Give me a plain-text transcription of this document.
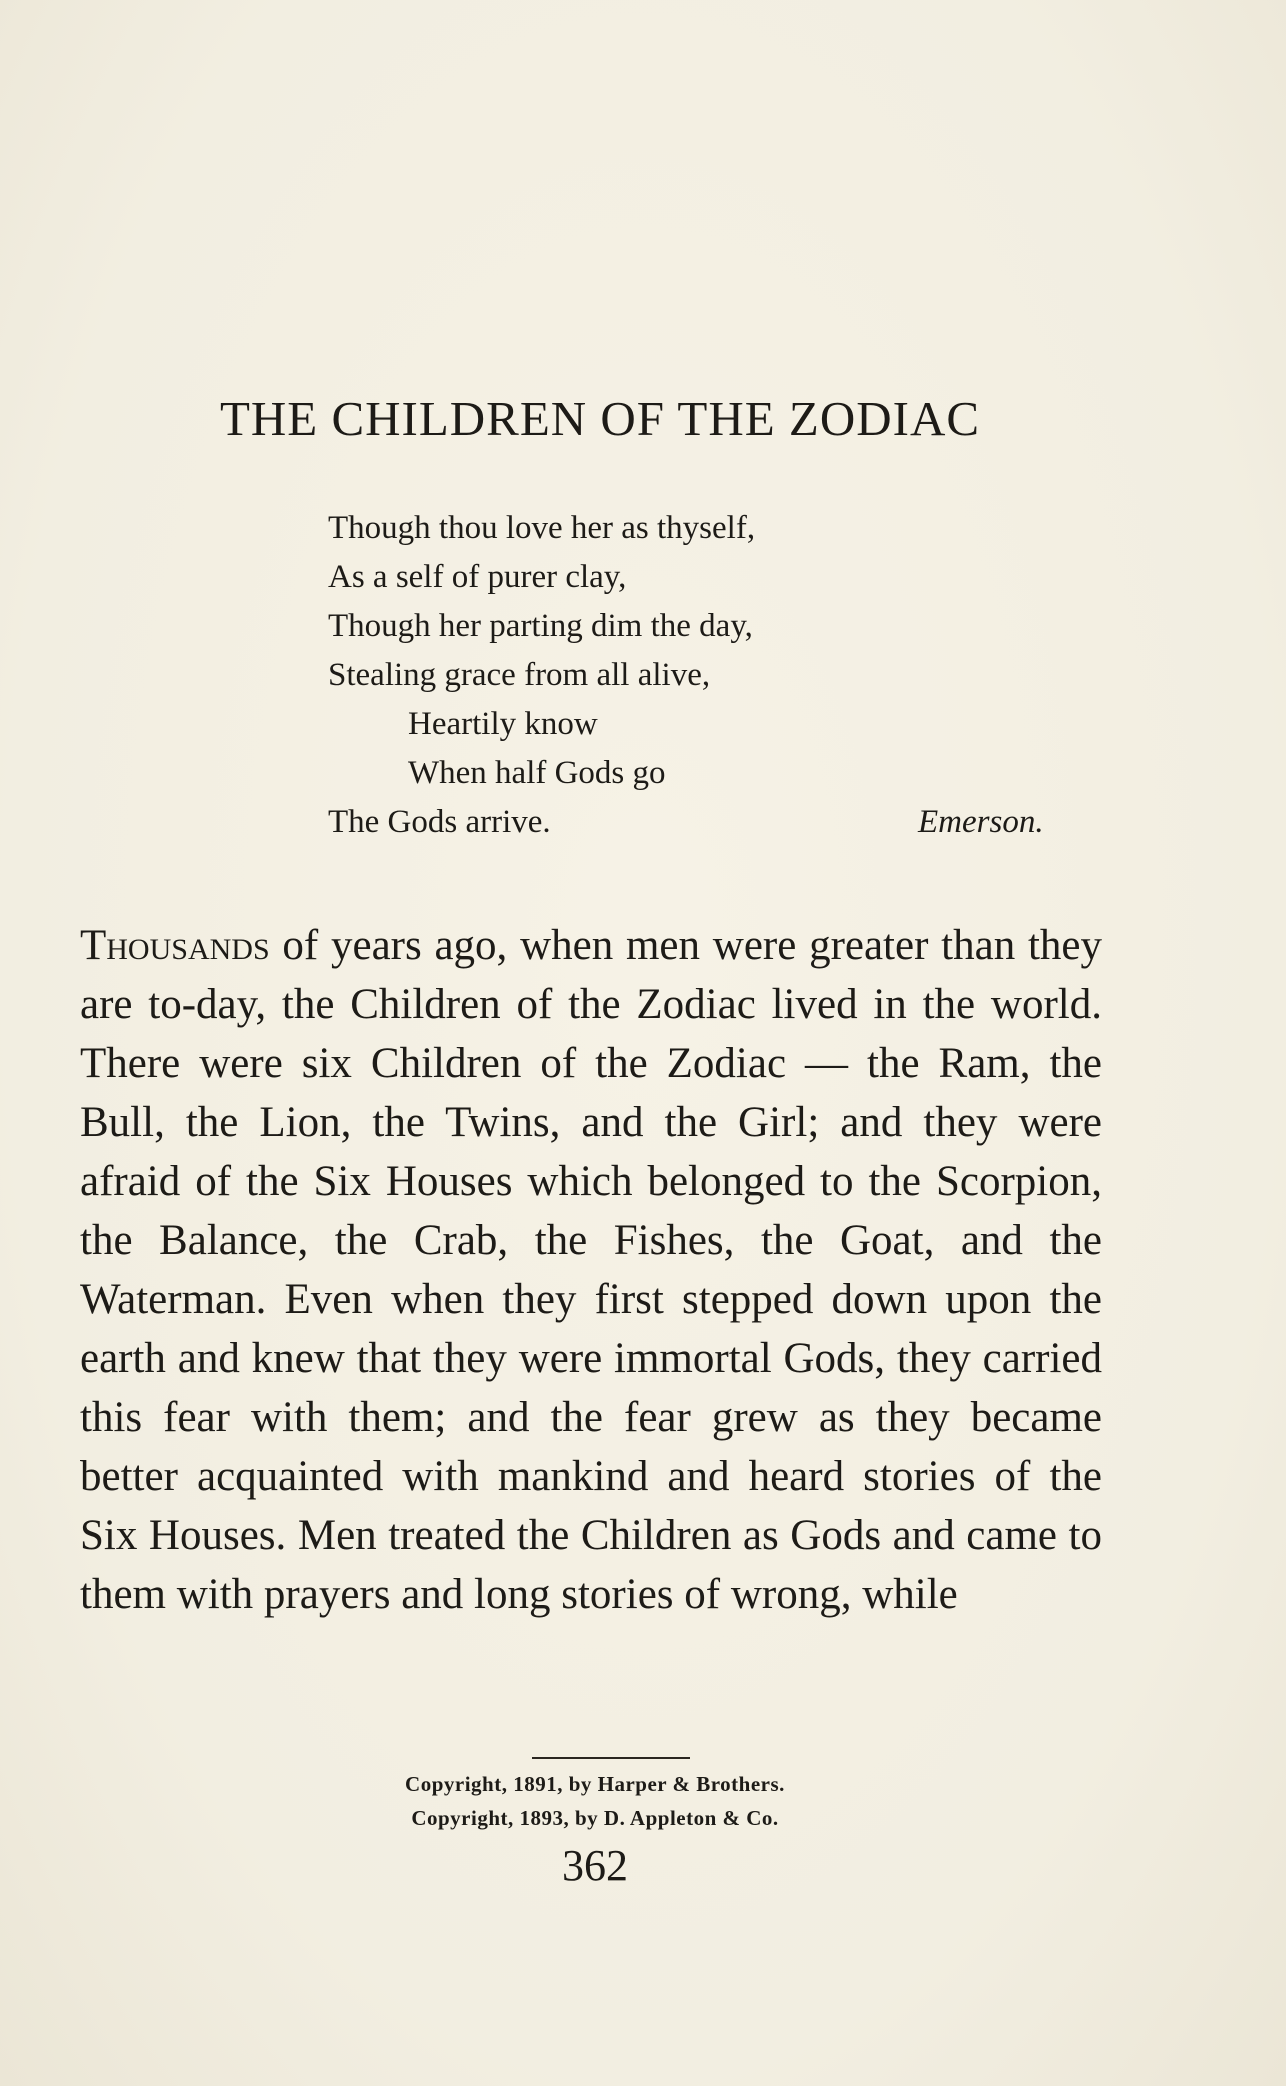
THE CHILDREN OF THE ZODIAC
Though thou love her as thyself,
As a self of purer clay,
Though her parting dim the day,
Stealing grace from all alive,
Heartily know
When half Gods go
The Gods arrive.	Emerson.

Thousands of years ago, when men were greater than they are to-day, the Children of the Zodiac lived in the world. There were six Children of the Zodiac — the Ram, the Bull, the Lion, the Twins, and the Girl; and they were afraid of the Six Houses which belonged to the Scorpion, the Balance, the Crab, the Fishes, the Goat, and the Waterman. Even when they first stepped down upon the earth and knew that they were immortal Gods, they carried this fear with them; and the fear grew as they became better acquainted with mankind and heard stories of the Six Houses. Men treated the Children as Gods and came to them with prayers and long stories of wrong, while

Copyright, 1891, by Harper & Brothers.
Copyright, 1893, by D. Appleton & Co.
362
